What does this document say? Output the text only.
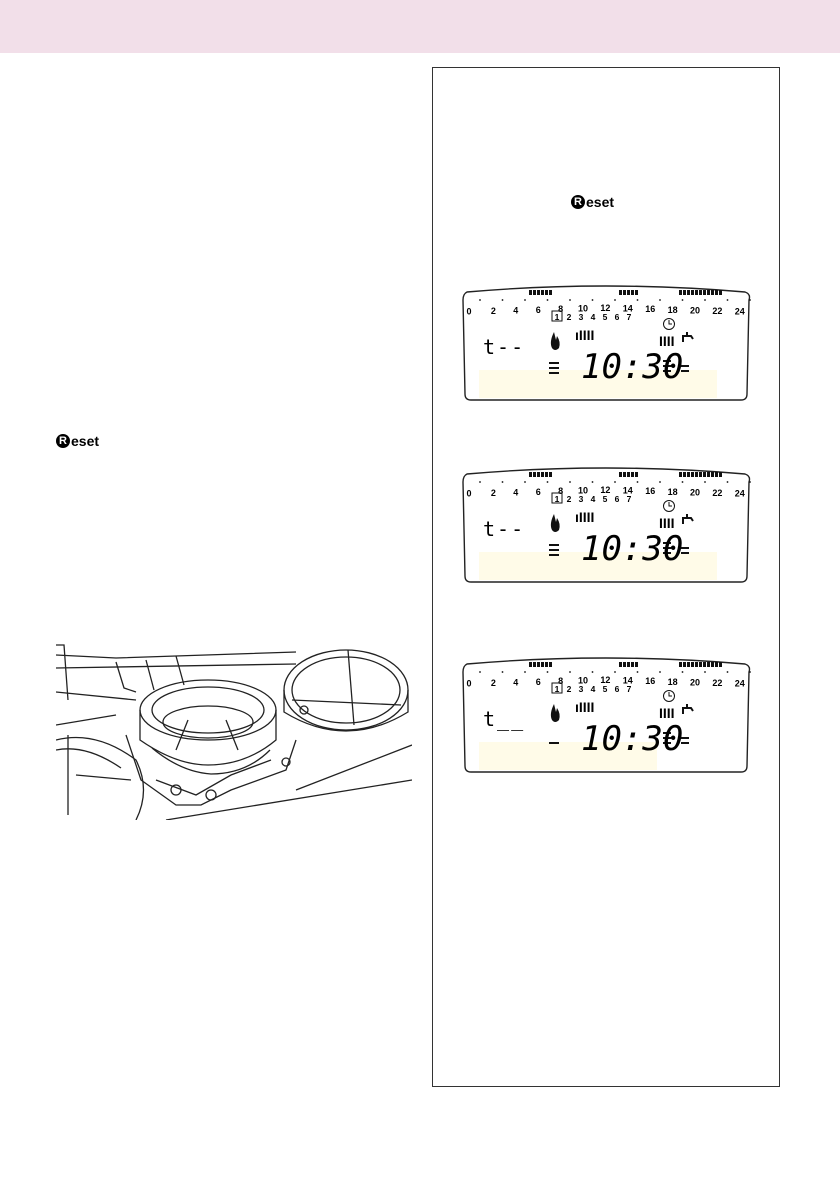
R eset
R eset
0 2 4 6 8 10 12 14 16 18 20 22 24
1 2 3 4 5 6 7
ıIIII	IIII
t-- 10:30
0 2 4 6 8 10 12 14 16 18 20 22 24
1 2 3 4 5 6 7
ıIIII	IIII
t-- 10:30
0 2 4 6 8 10 12 14 16 18 20 22 24
1 2 3 4 5 6 7
ıIIII	IIII
t__ 10:30
